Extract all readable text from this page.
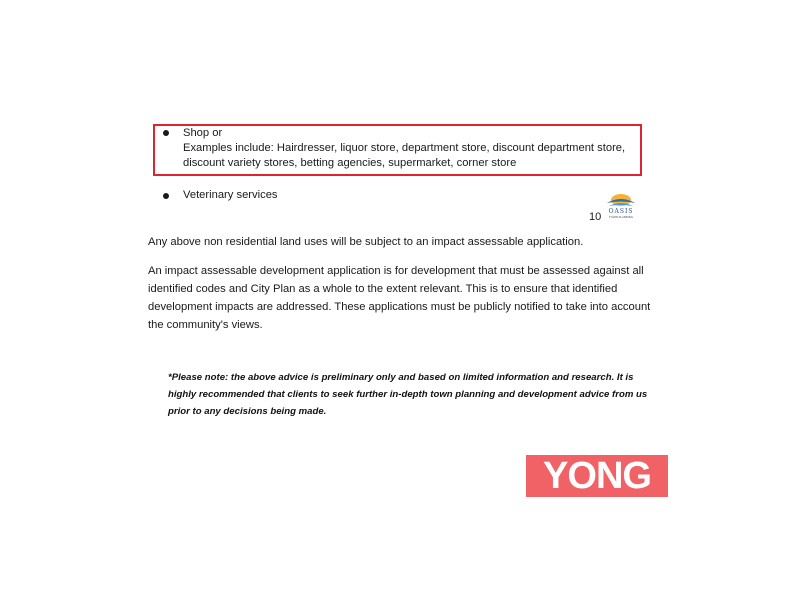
Shop or
Examples include: Hairdresser, liquor store, department store, discount department store,
discount variety stores, betting agencies, supermarket, corner store
Veterinary services
OASIS
TOWN PLANNING
10
Any above non residential land uses will be subject to an impact assessable application.
An impact assessable development application is for development that must be assessed against all identified codes and City Plan as a whole to the extent relevant. This is to ensure that identified development impacts are addressed. These applications must be publicly notified to take into account the community's views.
*Please note: the above advice is preliminary only and based on limited information and research. It is highly recommended that clients to seek further in-depth town planning and development advice from us prior to any decisions being made.
YONG
